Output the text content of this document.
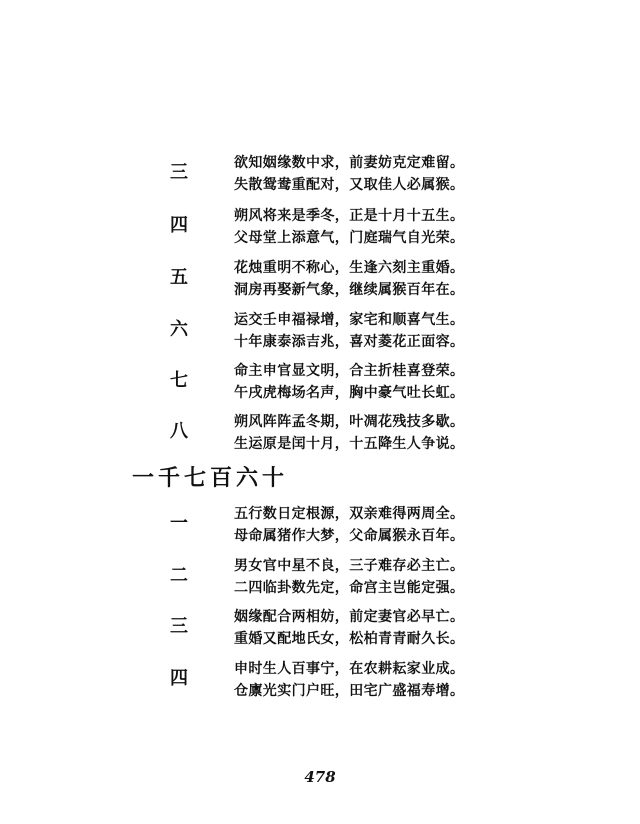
三	欲知姻缘数中求，前妻妨克定难留。
失散鸳鸯重配对，又取佳人必属猴。
四	朔风将来是季冬，正是十月十五生。
父母堂上添意气，门庭瑞气自光荣。
五	花烛重明不称心，生逢六刻主重婚。
洞房再娶新气象，继续属猴百年在。
六	运交壬申福禄增，家宅和顺喜气生。
十年康泰添吉兆，喜对菱花正面容。
七	命主申官显文明，合主折桂喜登荣。
午戌虎梅场名声，胸中豪气吐长虹。
八	朔风阵阵孟冬期，叶凋花残技多歇。
生运原是闰十月，十五降生人争说。
一千七百六十
一	五行数日定根源，双亲难得两周全。
母命属猪作大梦，父命属猴永百年。
二	男女官中星不良，三子难存必主亡。
二四临卦数先定，命宫主岂能定强。
三	姻缘配合两相妨，前定妻官必早亡。
重婚又配地氏女，松柏青青耐久长。
四	申时生人百事宁，在农耕耘家业成。
仓廪光实门户旺，田宅广盛福寿增。
478
